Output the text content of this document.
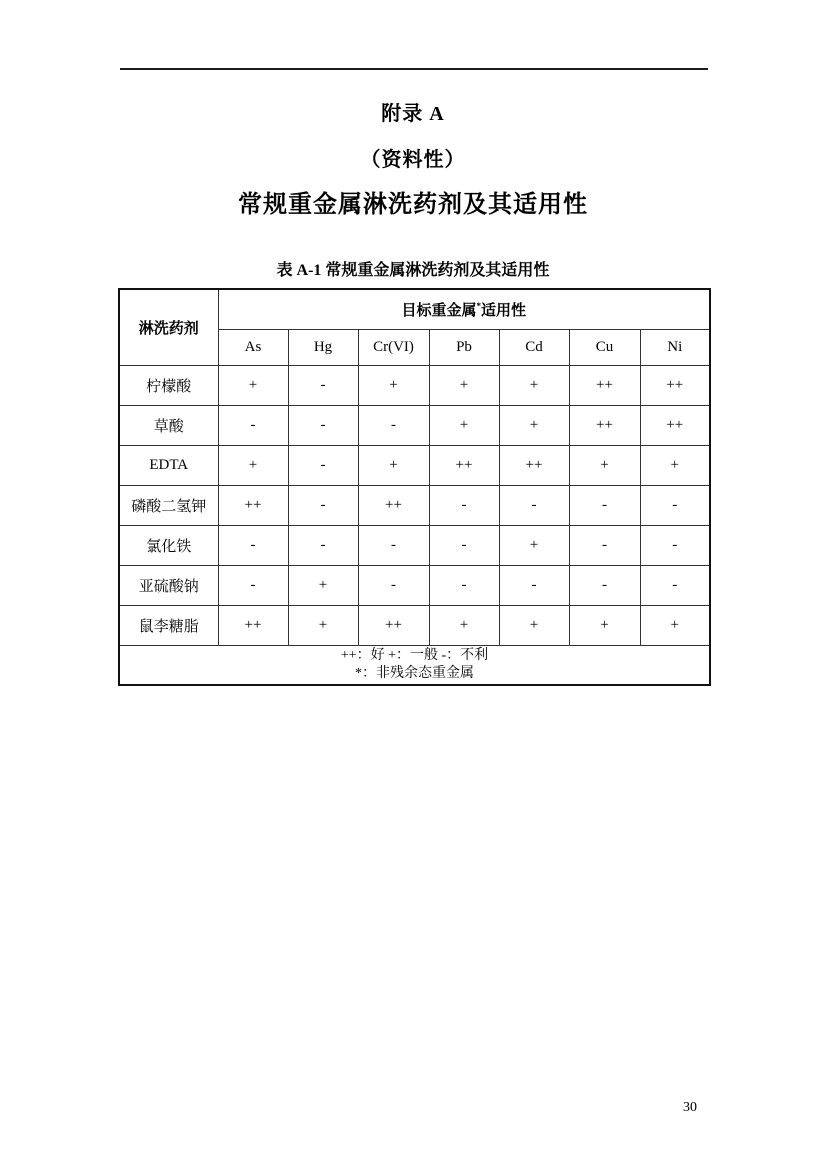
附录 A
（资料性）
常规重金属淋洗药剂及其适用性
表 A-1 常规重金属淋洗药剂及其适用性
淋洗药剂	目标重金属*适用性						
	As	Hg	Cr(VI)	Pb	Cd	Cu	Ni
柠檬酸	+	-	+	+	+	++	++
草酸	-	-	-	+	+	++	++
EDTA	+	-	+	++	++	+	+
磷酸二氢钾	++	-	++	-	-	-	-
氯化铁	-	-	-	-	+	-	-
亚硫酸钠	-	+	-	-	-	-	-
鼠李糖脂	++	+	++	+	+	+	+

++：好 +：一般 -：不利
*：非残余态重金属							
30
